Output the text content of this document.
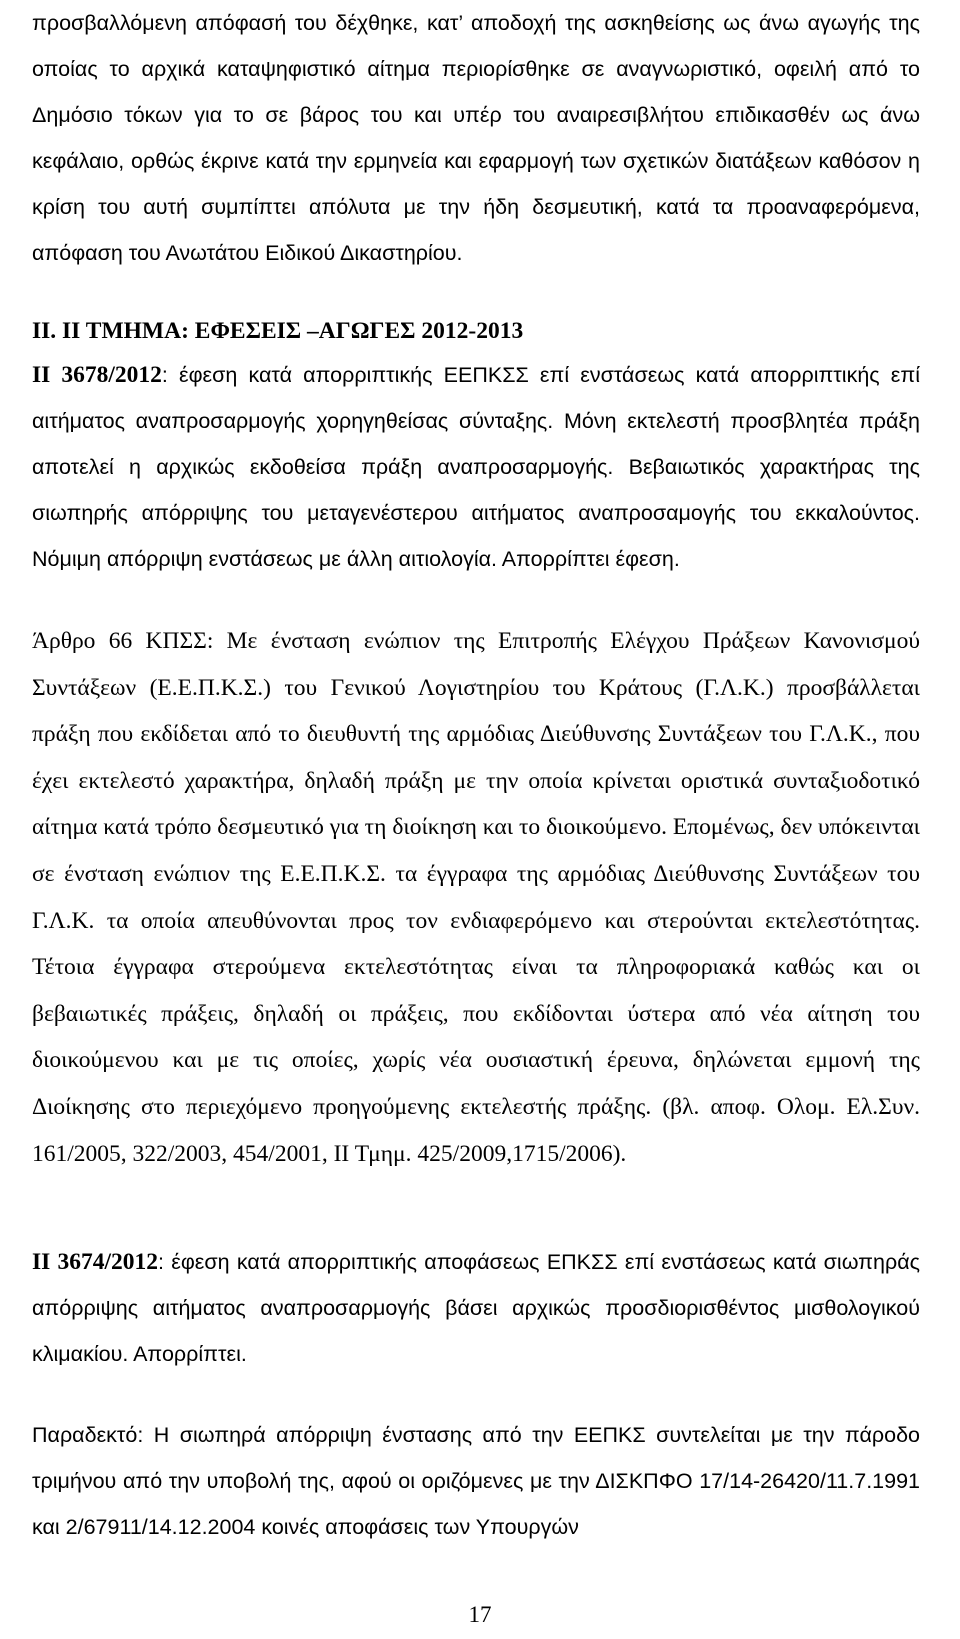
προσβαλλόμενη απόφασή του δέχθηκε, κατ’ αποδοχή της ασκηθείσης ως άνω αγωγής της οποίας το αρχικά καταψηφιστικό αίτημα περιορίσθηκε σε αναγνωριστικό, οφειλή από το Δημόσιο τόκων για το σε βάρος του και υπέρ του αναιρεσιβλήτου επιδικασθέν ως άνω κεφάλαιο, ορθώς έκρινε κατά την ερμηνεία και εφαρμογή των σχετικών διατάξεων καθόσον η κρίση του αυτή συμπίπτει απόλυτα με την ήδη δεσμευτική, κατά τα προαναφερόμενα, απόφαση του Ανωτάτου Ειδικού Δικαστηρίου.

ΙΙ. ΙΙ ΤΜΗΜΑ: ΕΦΕΣΕΙΣ –ΑΓΩΓΕΣ 2012-2013

ΙΙ 3678/2012: έφεση κατά απορριπτικής ΕΕΠΚΣΣ επί ενστάσεως κατά απορριπτικής επί αιτήματος αναπροσαρμογής χορηγηθείσας σύνταξης. Μόνη εκτελεστή προσβλητέα πράξη αποτελεί η αρχικώς εκδοθείσα πράξη αναπροσαρμογής. Βεβαιωτικός χαρακτήρας της σιωπηρής απόρριψης του μεταγενέστερου αιτήματος αναπροσαμογής του εκκαλούντος. Νόμιμη απόρριψη ενστάσεως με άλλη αιτιολογία. Απορρίπτει έφεση.

Άρθρο 66 ΚΠΣΣ: Με ένσταση ενώπιον της Επιτροπής Ελέγχου Πράξεων Κανονισμού Συντάξεων (Ε.Ε.Π.Κ.Σ.) του Γενικού Λογιστηρίου του Κράτους (Γ.Λ.Κ.) προσβάλλεται πράξη που εκδίδεται από το διευθυντή της αρμόδιας Διεύθυνσης Συντάξεων του Γ.Λ.Κ., που έχει εκτελεστό χαρακτήρα, δηλαδή πράξη με την οποία κρίνεται οριστικά συνταξιοδοτικό αίτημα κατά τρόπο δεσμευτικό για τη διοίκηση και το διοικούμενο. Επομένως, δεν υπόκεινται σε ένσταση ενώπιον της Ε.Ε.Π.Κ.Σ. τα έγγραφα της αρμόδιας Διεύθυνσης Συντάξεων του Γ.Λ.Κ. τα οποία απευθύνονται προς τον ενδιαφερόμενο και στερούνται εκτελεστότητας. Τέτοια έγγραφα στερούμενα εκτελεστότητας είναι τα πληροφοριακά καθώς και οι βεβαιωτικές πράξεις, δηλαδή οι πράξεις, που εκδίδονται ύστερα από νέα αίτηση του διοικούμενου και με τις οποίες, χωρίς νέα ουσιαστική έρευνα, δηλώνεται εμμονή της Διοίκησης στο περιεχόμενο προηγούμενης εκτελεστής πράξης. (βλ. αποφ. Ολομ. Ελ.Συν. 161/2005, 322/2003, 454/2001, ΙΙ Τμημ. 425/2009,1715/2006).

ΙΙ 3674/2012: έφεση κατά απορριπτικής αποφάσεως ΕΠΚΣΣ επί ενστάσεως κατά σιωπηράς απόρριψης αιτήματος αναπροσαρμογής βάσει αρχικώς προσδιορισθέντος μισθολογικού κλιμακίου. Απορρίπτει.

Παραδεκτό: Η σιωπηρά απόρριψη ένστασης από την ΕΕΠΚΣ συντελείται με την πάροδο τριμήνου από την υποβολή της, αφού οι οριζόμενες με την ΔΙΣΚΠΦΟ 17/14-26420/11.7.1991 και 2/67911/14.12.2004 κοινές αποφάσεις των Υπουργών

17
